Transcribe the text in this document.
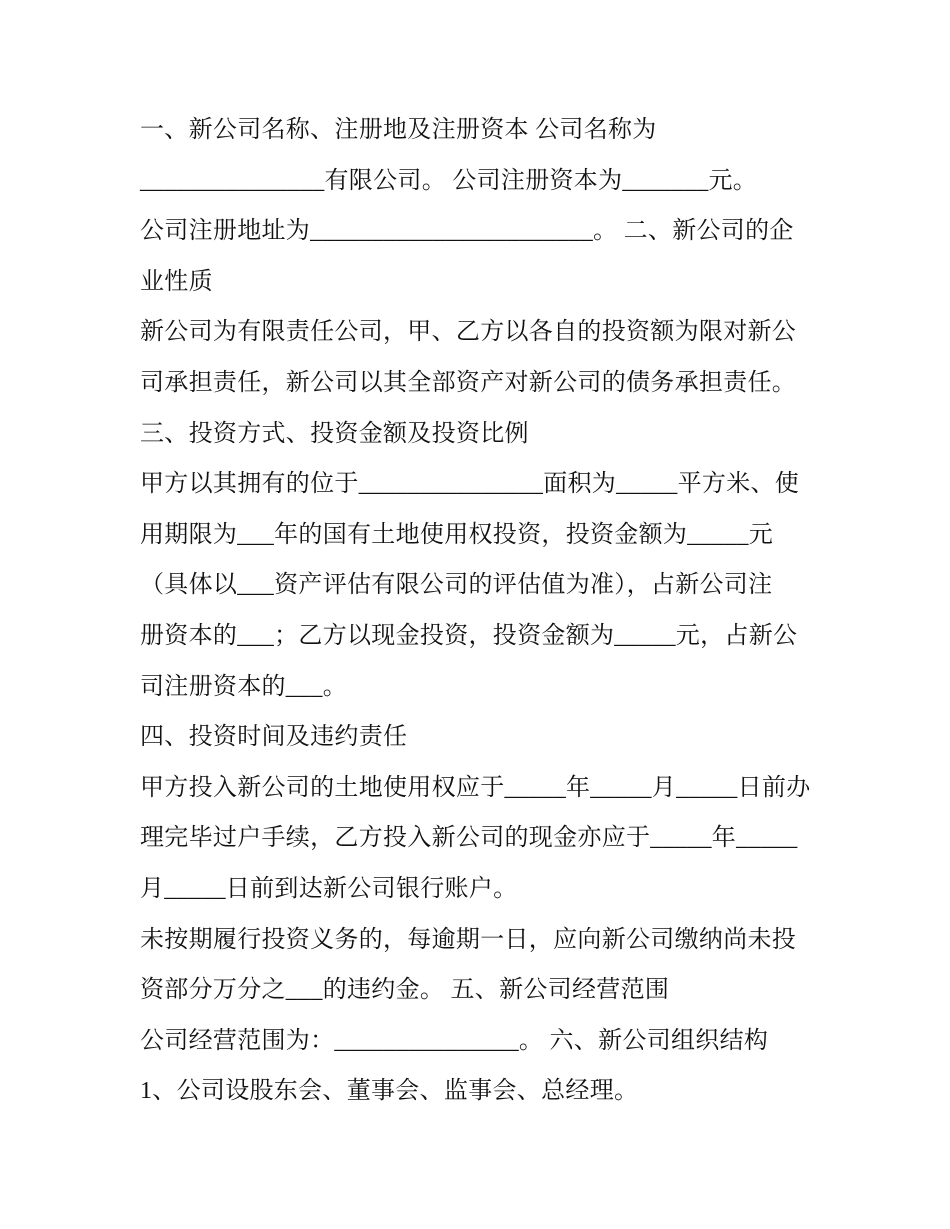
一、新公司名称、注册地及注册资本 公司名称为
_______________有限公司。 公司注册资本为_______元。
公司注册地址为_______________________。 二、新公司的企
业性质
新公司为有限责任公司，甲、乙方以各自的投资额为限对新公
司承担责任，新公司以其全部资产对新公司的债务承担责任。
三、投资方式、投资金额及投资比例
甲方以其拥有的位于_______________面积为_____平方米、使
用期限为___年的国有土地使用权投资，投资金额为_____元
（具体以___资产评估有限公司的评估值为准），占新公司注
册资本的___；乙方以现金投资，投资金额为_____元，占新公
司注册资本的___。
四、投资时间及违约责任
甲方投入新公司的土地使用权应于_____年_____月_____日前办
理完毕过户手续，乙方投入新公司的现金亦应于_____年_____
月_____日前到达新公司银行账户。
未按期履行投资义务的，每逾期一日，应向新公司缴纳尚未投
资部分万分之___的违约金。 五、新公司经营范围
公司经营范围为：_______________。 六、新公司组织结构
1、公司设股东会、董事会、监事会、总经理。
